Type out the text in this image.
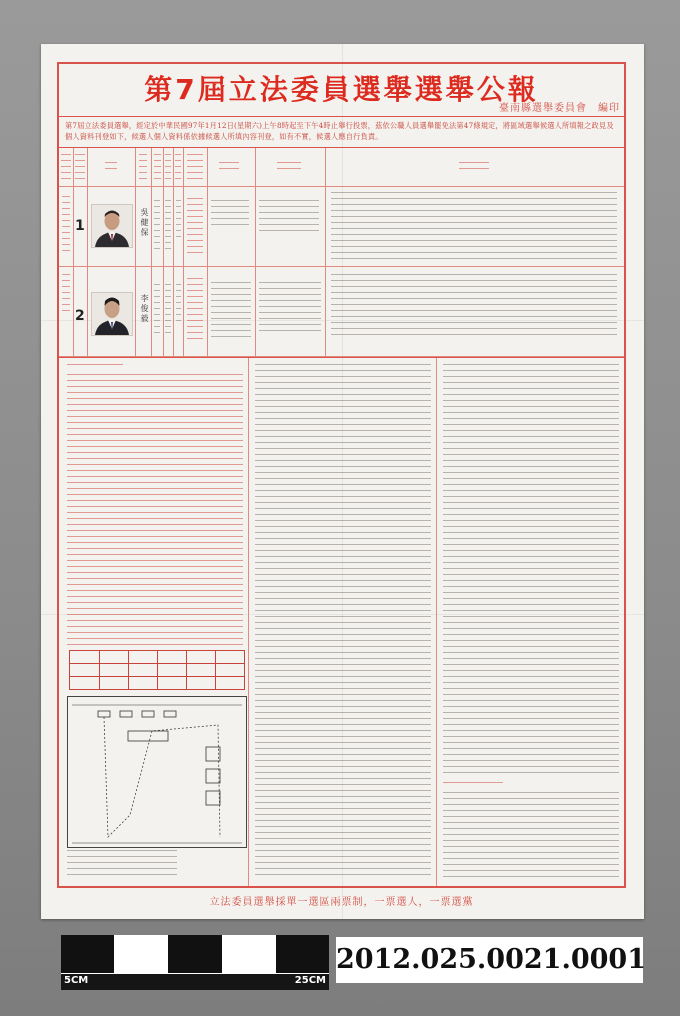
第7屆立法委員選舉選舉公報
臺南縣選舉委員會　編印
第7屆立法委員選舉，經定於中華民國97年1月12日(星期六)上午8時起至下午4時止舉行投票，茲依公職人員選舉罷免法第47條規定，將區域選舉候選人所填報之政見及個人資料刊登如下，候選人個人資料係依據候選人所填內容刊登，如有不實，候選人應自行負責。
1	吳健保
2	李俊毅
立法委員選舉採單一選區兩票制，一票選人，一票選黨
5CM	25CM
2012.025.0021.0001
